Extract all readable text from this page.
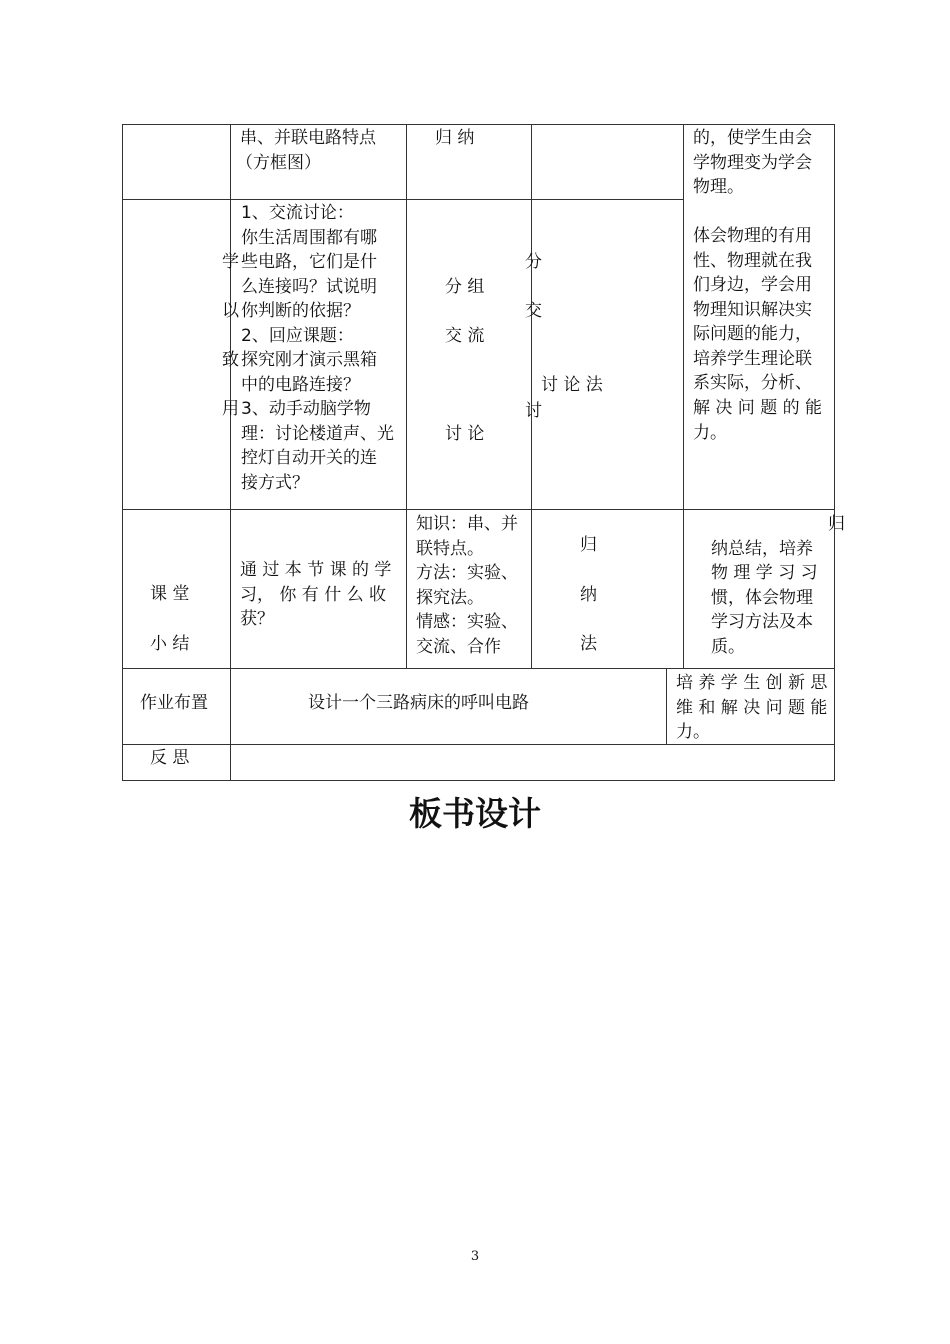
串、并联电路特点
（方框图）
归 纳	的，使学生由会
学物理变为学会
物理。
1、交流讨论：
你生活周围都有哪
些电路，它们是什
么连接吗？试说明
你判断的依据？
2、回应课题：
探究刚才演示黑箱
中的电路连接？
3、动手动脑学物
理：讨论楼道声、光
控灯自动开关的连
接方式？
学
以
致
用
分 组
交 流
讨 论
分
交
讨
讨 论 法
体会物理的有用
性、物理就在我
们身边，学会用
物理知识解决实
际问题的能力，
培养学生理论联
系实际，分析、
解 决 问 题 的 能
力。
课 堂
小 结
通 过 本 节 课 的 学
习， 你 有 什 么 收
获？
知识：串、并
联特点。
方法：实验、
探究法。
情感：实验、
交流、合作
归
纳
法
归
纳总结，培养
物 理 学 习 习
惯，体会物理
学习方法及本
质。
作业布置	设计一个三路病床的呼叫电路
培 养 学 生 创 新 思
维 和 解 决 问 题 能
力。
反 思
板书设计
3
